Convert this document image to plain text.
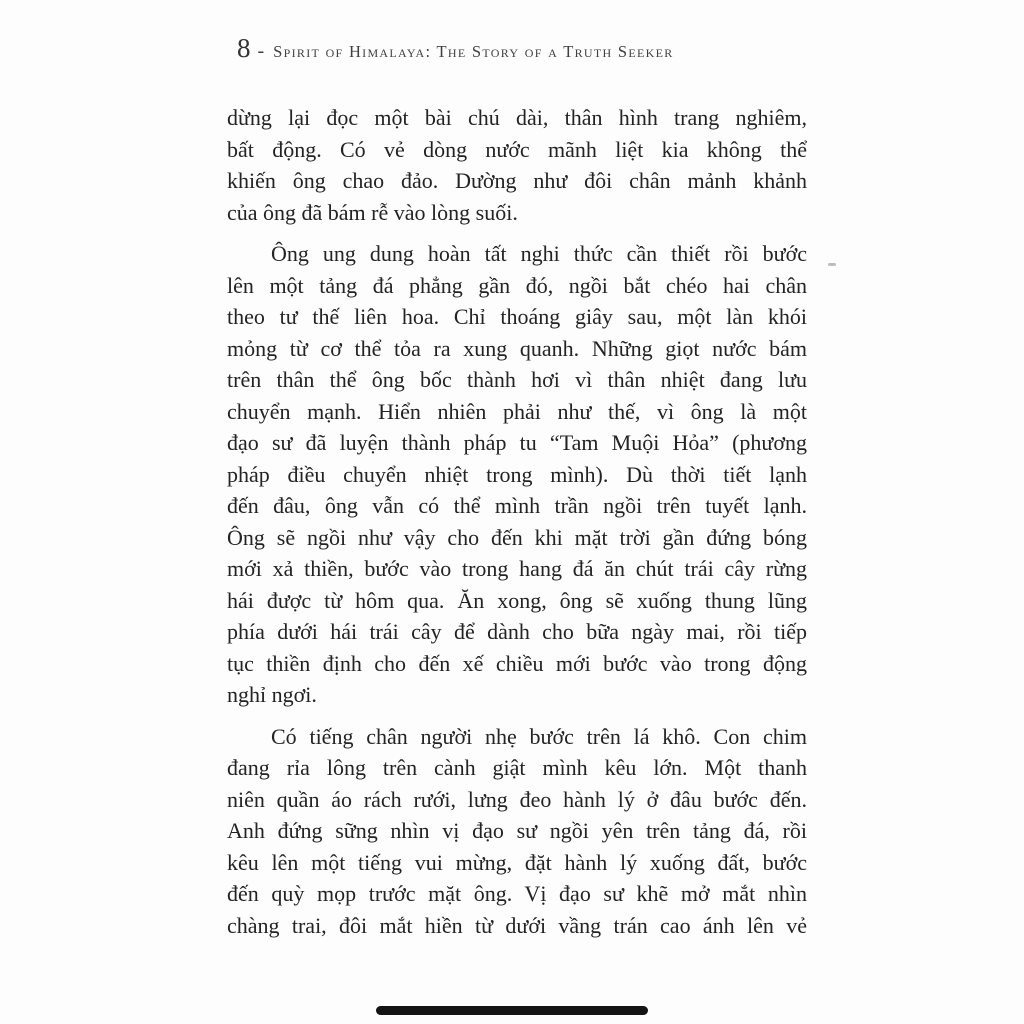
8 - Spirit of Himalaya: The Story of a Truth Seeker
dừng lại đọc một bài chú dài, thân hình trang nghiêm,
bất động. Có vẻ dòng nước mãnh liệt kia không thể
khiến ông chao đảo. Dường như đôi chân mảnh khảnh
của ông đã bám rễ vào lòng suối.
Ông ung dung hoàn tất nghi thức cần thiết rồi bước
lên một tảng đá phẳng gần đó, ngồi bắt chéo hai chân
theo tư thế liên hoa. Chỉ thoáng giây sau, một làn khói
mỏng từ cơ thể tỏa ra xung quanh. Những giọt nước bám
trên thân thể ông bốc thành hơi vì thân nhiệt đang lưu
chuyển mạnh. Hiển nhiên phải như thế, vì ông là một
đạo sư đã luyện thành pháp tu “Tam Muội Hỏa” (phương
pháp điều chuyển nhiệt trong mình). Dù thời tiết lạnh
đến đâu, ông vẫn có thể mình trần ngồi trên tuyết lạnh.
Ông sẽ ngồi như vậy cho đến khi mặt trời gần đứng bóng
mới xả thiền, bước vào trong hang đá ăn chút trái cây rừng
hái được từ hôm qua. Ăn xong, ông sẽ xuống thung lũng
phía dưới hái trái cây để dành cho bữa ngày mai, rồi tiếp
tục thiền định cho đến xế chiều mới bước vào trong động
nghỉ ngơi.
Có tiếng chân người nhẹ bước trên lá khô. Con chim
đang rỉa lông trên cành giật mình kêu lớn. Một thanh
niên quần áo rách rưới, lưng đeo hành lý ở đâu bước đến.
Anh đứng sững nhìn vị đạo sư ngồi yên trên tảng đá, rồi
kêu lên một tiếng vui mừng, đặt hành lý xuống đất, bước
đến quỳ mọp trước mặt ông. Vị đạo sư khẽ mở mắt nhìn
chàng trai, đôi mắt hiền từ dưới vầng trán cao ánh lên vẻ
